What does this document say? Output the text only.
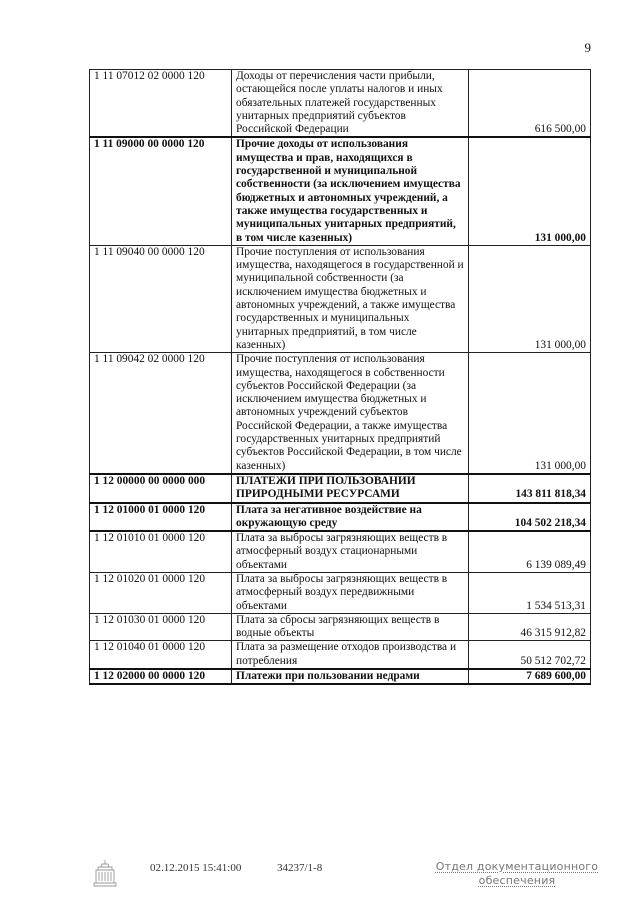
9
1 11 07012 02 0000 120	Доходы от перечисления части прибыли, остающейся после уплаты налогов и иных обязательных платежей государственных унитарных предприятий субъектов Российской Федерации	616 500,00
1 11 09000 00 0000 120	Прочие доходы от использования имущества и прав, находящихся в государственной и муниципальной собственности (за исключением имущества бюджетных и автономных учреждений, а также имущества государственных и муниципальных унитарных предприятий, в том числе казенных)	131 000,00
1 11 09040 00 0000 120	Прочие поступления от использования имущества, находящегося в государственной и муниципальной собственности (за исключением имущества бюджетных и автономных учреждений, а также имущества государственных и муниципальных унитарных предприятий, в том числе казенных)	131 000,00
1 11 09042 02 0000 120	Прочие поступления от использования имущества, находящегося в собственности субъектов Российской Федерации (за исключением имущества бюджетных и автономных учреждений субъектов Российской Федерации, а также имущества государственных унитарных предприятий субъектов Российской Федерации, в том числе казенных)	131 000,00
1 12 00000 00 0000 000	ПЛАТЕЖИ ПРИ ПОЛЬЗОВАНИИ ПРИРОДНЫМИ РЕСУРСАМИ	143 811 818,34
1 12 01000 01 0000 120	Плата за негативное воздействие на окружающую среду	104 502 218,34
1 12 01010 01 0000 120	Плата за выбросы загрязняющих веществ в атмосферный воздух стационарными объектами	6 139 089,49
1 12 01020 01 0000 120	Плата за выбросы загрязняющих веществ в атмосферный воздух передвижными объектами	1 534 513,31
1 12 01030 01 0000 120	Плата за сбросы загрязняющих веществ в водные объекты	46 315 912,82
1 12 01040 01 0000 120	Плата за размещение отходов производства и потребления	50 512 702,72
1 12 02000 00 0000 120	Платежи при пользовании недрами	7 689 600,00
02.12.2015 15:41:00	34237/1-8	Отдел документационного обеспечения
